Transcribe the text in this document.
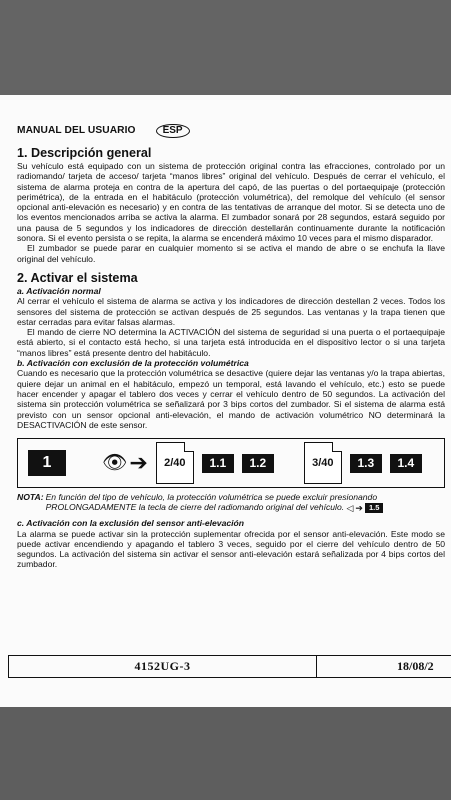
MANUAL DEL USUARIO	ESP
1. Descripción general

Su vehículo está equipado con un sistema de protección original contra las efracciones, controlado por un radiomando/ tarjeta de acceso/ tarjeta “manos libres” original del vehículo. Después de cerrar el vehículo, el sistema de alarma proteja en contra de la apertura del capó, de las puertas o del portaequipaje (protección perimétrica), de la entrada en el habitáculo (protección volumétrica), del remolque del vehículo (el sensor opcional anti-elevación es necesario) y en contra de las tentativas de arranque del motor. Si se detecta uno de los eventos mencionados arriba se activa la alarma. El zumbador sonará por 28 segundos, estará seguido por una pausa de 5 segundos y los indicadores de dirección destellarán continuamente durante la notificación sonora. Si el evento persista o se repita, la alarma se encenderá máximo 10 veces para el mismo disparador.

El zumbador se puede parar en cualquier momento si se activa el mando de abre o se enchufa la llave original del vehículo.

2. Activar el sistema

a. Activación normal

Al cerrar el vehículo el sistema de alarma se activa y los indicadores de dirección destellan 2 veces. Todos los sensores del sistema de protección se activan después de 25 segundos. Las ventanas y la trapa tienen que estar cerradas para evitar falsas alarmas.

El mando de cierre NO determina la ACTIVACIÓN del sistema de seguridad si una puerta o el portaequipaje está abierto, si el contacto está hecho, si una tarjeta está introducida en el dispositivo lector o si una tarjeta “manos libres” está presente dentro del habitáculo.

b. Activación con exclusión de la protección volumétrica

Cuando es necesario que la protección volumétrica se desactive (quiere dejar las ventanas y/o la trapa abiertas, quiere dejar un animal en el habitáculo, empezó un temporal, está lavando el vehículo, etc.) esto se puede hacer encender y apagar el tablero dos veces y cerrar el vehículo dentro de 50 segundos. La activación del sistema sin protección volumétrica se señalizará por 3 bips cortos del zumbador. Si el sistema de alarma está previsto con un sensor opcional anti-elevación, el mando de activación volumétrico NO determinará la DESACTIVACIÓN de este sensor.

1	👁 ➔ 2/40	1.1	1.2	3/40	1.3	1.4
NOTA: En función del tipo de vehículo, la protección volumétrica se puede excluir presionando PROLONGADAMENTE la tecla de cierre del radiomando original del vehículo. ◁ ➔ 1.5

c. Activación con la exclusión del sensor anti-elevación

La alarma se puede activar sin la protección suplementar ofrecida por el sensor anti-elevación. Este modo se puede activar encendiendo y apagando el tablero 3 veces, seguido por el cierre del vehículo dentro de 50 segundos. La activación del sistema sin activar el sensor anti-elevación estará señalizada por 4 bips cortos del zumbador.

4152UG-3	18/08/2
